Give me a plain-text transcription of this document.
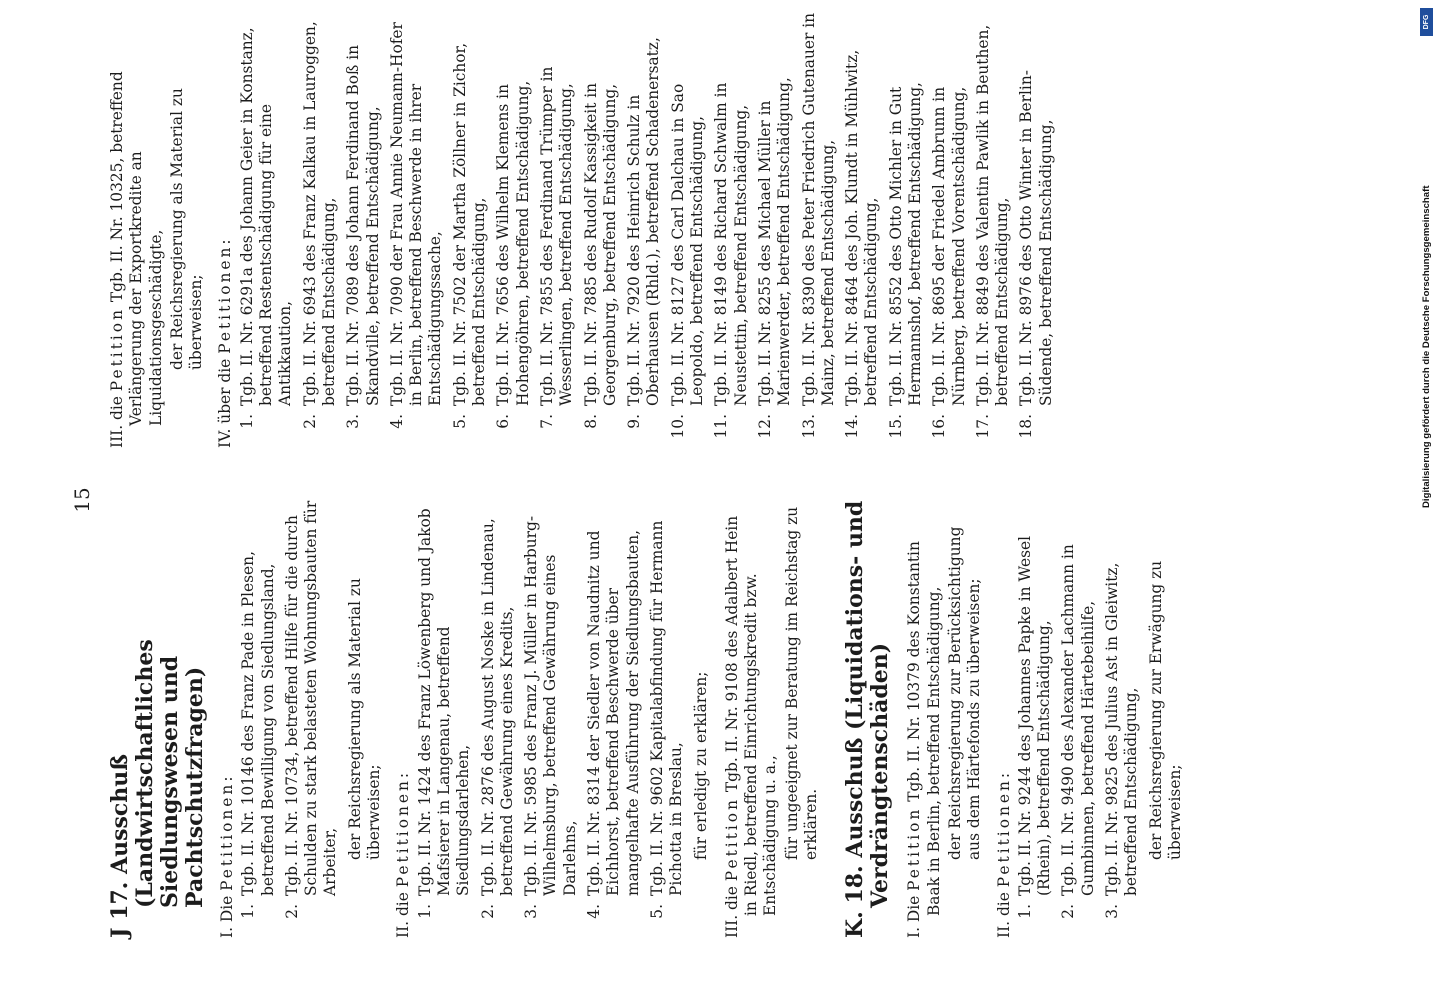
15
J 17. Ausschuß (Landwirtschaftliches Siedlungswesen und Pachtschutzfragen)
I. Die Petitionen:
1.
Tgb. II. Nr. 10146 des Franz Pade in Plesen, betreffend Bewilligung von Siedlungsland,
2.
Tgb. II. Nr. 10734, betreffend Hilfe für die durch Schulden zu stark belasteten Wohnungsbauten für Arbeiter,
der Reichsregierung als Material zu überweisen;
II. die Petitionen:
1.
Tgb. II. Nr. 1424 des Franz Löwenberg und Jakob Mafsierer in Langenau, betreffend Siedlungsdarlehen,
2.
Tgb. II. Nr. 2876 des August Noske in Lindenau, betreffend Gewährung eines Kredits,
3.
Tgb. II. Nr. 5985 des Franz J. Müller in Harburg-Wilhelmsburg, betreffend Gewährung eines Darlehns,
4.
Tgb. II. Nr. 8314 der Siedler von Naudnitz und Eichhorst, betreffend Beschwerde über mangelhafte Ausführung der Siedlungsbauten,
5.
Tgb. II. Nr. 9602 Kapitalabfindung für Hermann Pichotta in Breslau, für erledigt zu erklären;
III. die Petition Tgb. II. Nr. 9108 des Adalbert Hein in Riedl, betreffend Einrichtungskredit bzw. Entschädigung u. a., für ungeeignet zur Beratung im Reichstag zu erklären. K. 18. Ausschuß (Liquidations- und Verdrängtenschäden)
I. Die Petition Tgb. II. Nr. 10379 des Konstantin Baak in Berlin, betreffend Entschädigung, der Reichsregierung zur Berücksichtigung aus dem Härtefonds zu überweisen;
II. die Petitionen:
1.
Tgb. II. Nr. 9244 des Johannes Papke in Wesel (Rhein), betreffend Entschädigung,
2.
Tgb. II. Nr. 9490 des Alexander Lachmann in Gumbinnen, betreffend Härtebeihilfe,
3.
Tgb. II. Nr. 9825 des Julius Ast in Gleiwitz, betreffend Entschädigung, der Reichsregierung zur Erwägung zu überweisen;
III. die Petition Tgb. II. Nr. 10325, betreffend Verlängerung der Exportkredite an Liquidationsgeschädigte, der Reichsregierung als Material zu überweisen;
IV. über die Petitionen:
1.
Tgb. II. Nr. 6291a des Johann Geier in Konstanz, betreffend Restentschädigung für eine Antikkaution,
2.
Tgb. II. Nr. 6943 des Franz Kalkau in Lauroggen, betreffend Entschädigung,
3.
Tgb. II. Nr. 7089 des Johann Ferdinand Boß in Skandville, betreffend Entschädigung,
4.
Tgb. II. Nr. 7090 der Frau Annie Neumann-Hofer in Berlin, betreffend Beschwerde in ihrer Entschädigungssache,
5.
Tgb. II. Nr. 7502 der Martha Zöllner in Zichor, betreffend Entschädigung,
6.
Tgb. II. Nr. 7656 des Wilhelm Klemens in Hohengöhren, betreffend Entschädigung,
7.
Tgb. II. Nr. 7855 des Ferdinand Trümper in Wesserlingen, betreffend Entschädigung,
8.
Tgb. II. Nr. 7885 des Rudolf Kassigkeit in Georgenburg, betreffend Entschädigung,
9.
Tgb. II. Nr. 7920 des Heinrich Schulz in Oberhausen (Rhld.), betreffend Schadenersatz,
10.
Tgb. II. Nr. 8127 des Carl Dalchau in Sao Leopoldo, betreffend Entschädigung,
11.
Tgb. II. Nr. 8149 des Richard Schwalm in Neustettin, betreffend Entschädigung,
12.
Tgb. II. Nr. 8255 des Michael Müller in Marienwerder, betreffend Entschädigung,
13.
Tgb. II. Nr. 8390 des Peter Friedrich Gutenauer in Mainz, betreffend Entschädigung,
14.
Tgb. II. Nr. 8464 des Joh. Klundt in Mühlwitz, betreffend Entschädigung,
15.
Tgb. II. Nr. 8552 des Otto Michler in Gut Hermannshof, betreffend Entschädigung,
16.
Tgb. II. Nr. 8695 der Friedel Ambrunn in Nürnberg, betreffend Vorentschädigung,
17.
Tgb. II. Nr. 8849 des Valentin Pawlik in Beuthen, betreffend Entschädigung,
18.
Tgb. II. Nr. 8976 des Otto Winter in Berlin-Südende, betreffend Entschädigung,
DFG
Digitalisierung gefördert durch die Deutsche Forschungsgemeinschaft
